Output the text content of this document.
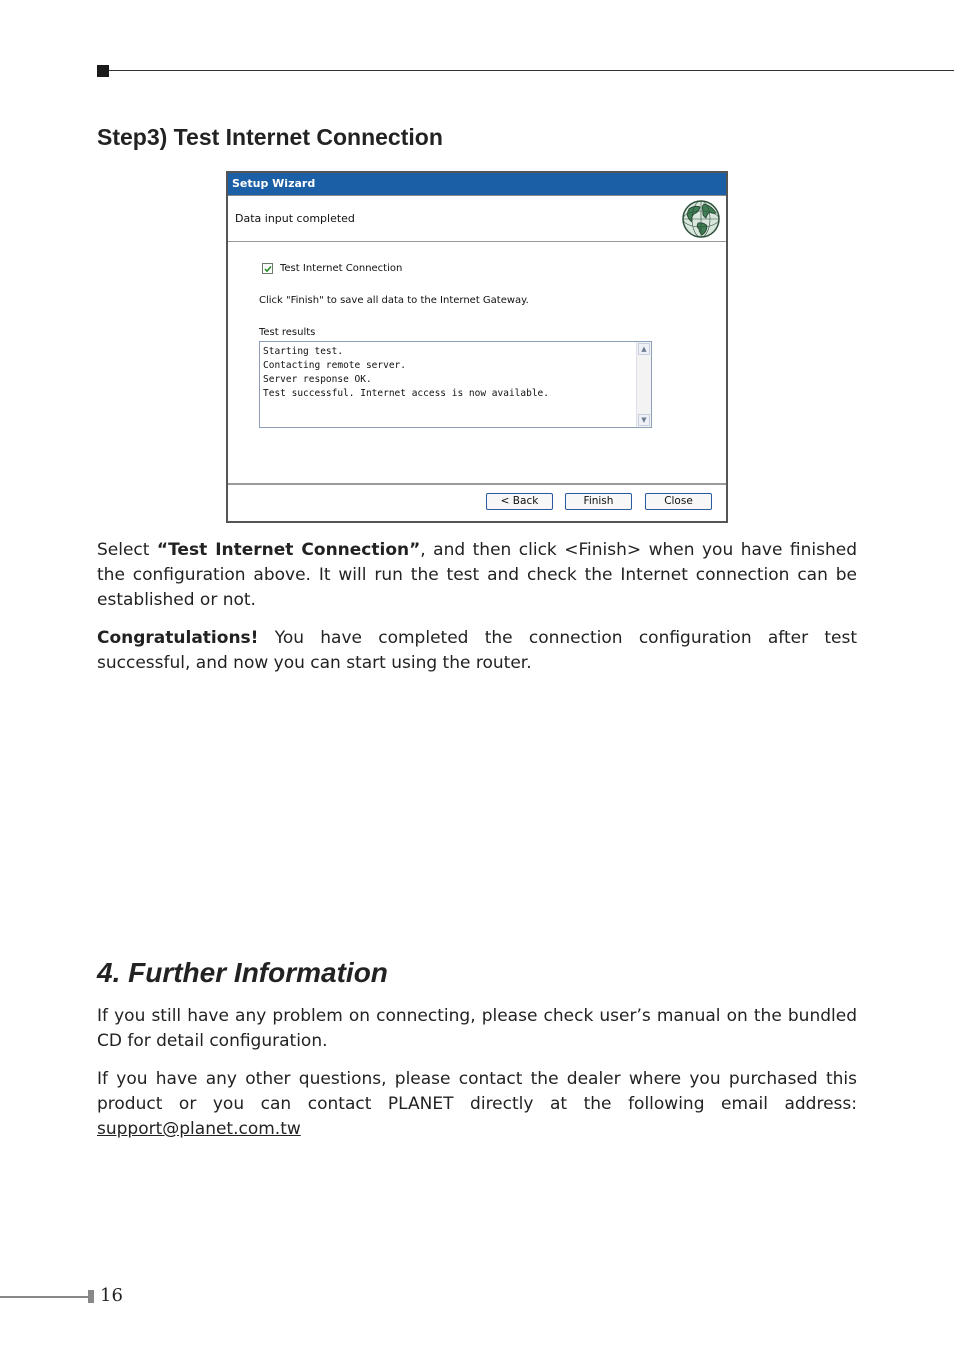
Step3) Test Internet Connection
Setup Wizard
Data input completed
Test Internet Connection
Click "Finish" to save all data to the Internet Gateway.
Test results
Starting test.
Contacting remote server.
Server response OK.
Test successful. Internet access is now available.
▲
▼
< Back	Finish	Close

Select “Test Internet Connection”, and then click <Finish> when you have finished the configuration above. It will run the test and check the Internet connection can be established or not.

Congratulations! You have completed the connection configuration after test successful, and now you can start using the router.

4. Further Information

If you still have any problem on connecting, please check user’s manual on the bundled CD for detail configuration.

If you have any other questions, please contact the dealer where you purchased this product or you can contact PLANET directly at the following email address: support@planet.com.tw

16
